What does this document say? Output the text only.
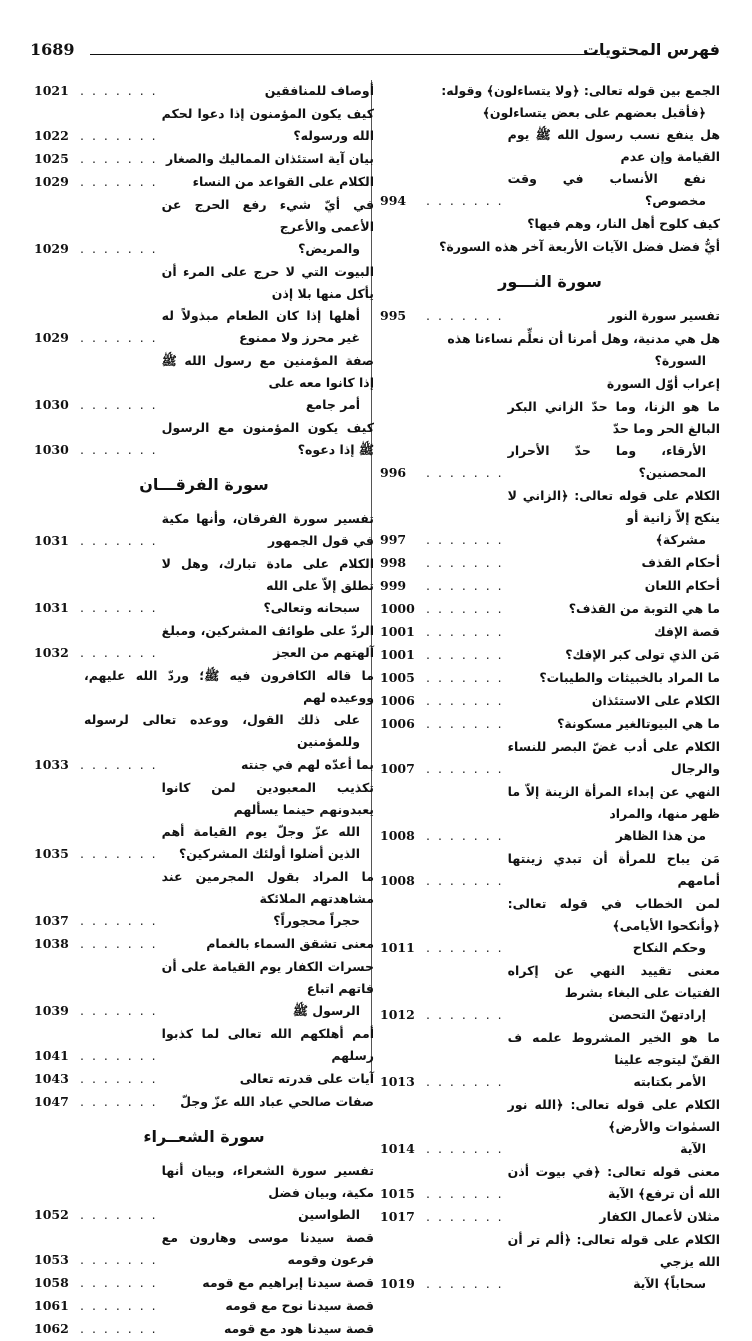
فهرس المحتويات
1689
الجمع بين قوله تعالى: ﴿ولا يتساءلون﴾ وقوله:
﴿فأقبل بعضهم على بعض يتساءلون﴾
هل ينفع نسب رسول الله ﷺ يوم القيامة وإن عدم
نفع الأنساب في وقت مخصوص؟
. . . . . . .
994
كيف كلوح أهل النار، وهم فيها؟
أيُّ فضل فضل الآيات الأربعة آخر هذه السورة؟
سورة النـــور
تفسير سورة النور
. . . . . . .
995
هل هي مدنية، وهل أمرنا أن نعلِّم نساءنا هذه
السورة؟
إعراب أوّل السورة
ما هو الزنا، وما حدّ الزاني البكر البالغ الحر وما حدّ
الأرقاء، وما حدّ الأحرار المحصنين؟
. . . . . . .
996
الكلام على قوله تعالى: ﴿الزاني لا ينكح إلاّ زانية أو
مشركة﴾
. . . . . . .
997
أحكام القذف
. . . . . . .
998
أحكام اللعان
. . . . . . .
999
ما هي التوبة من القذف؟
. . . . . . .
1000
قصة الإفك
. . . . . . .
1001
مَن الذي تولى كبر الإفك؟
. . . . . . .
1001
ما المراد بالخبيثات والطيبات؟
. . . . . . .
1005
الكلام على الاستئذان
. . . . . . .
1006
ما هي البيوتالغير مسكونة؟
. . . . . . .
1006
الكلام على أدب غضّ البصر للنساء والرجال
. . . . . . .
1007
النهي عن إبداء المرأة الزينة إلاّ ما ظهر منها، والمراد
من هذا الظاهر
. . . . . . .
1008
مَن يباح للمرأة أن تبدي زينتها أمامهم
. . . . . . .
1008
لمن الخطاب في قوله تعالى: ﴿وأنكحوا الأيامى﴾
وحكم النكاح
. . . . . . .
1011
معنى تقييد النهي عن إكراه الفتيات على البغاء بشرط
إرادتهنّ التحصن
. . . . . . .
1012
ما هو الخير المشروط علمه ف القنّ ليتوجه علينا
الأمر بكتابته
. . . . . . .
1013
الكلام على قوله تعالى: ﴿الله نور السمٰوات والأرض﴾
الآية
. . . . . . .
1014
معنى قوله تعالى: ﴿في بيوت أذن الله أن ترفع﴾ الآية
. . . . . . .
1015
مثلان لأعمال الكفار
. . . . . . .
1017
الكلام على قوله تعالى: ﴿ألم تر أن الله يزجي
سحاباً﴾ الآية
. . . . . . .
1019
أوصاف للمنافقين
. . . . . . .
1021
كيف يكون المؤمنون إذا دعوا لحكم الله ورسوله؟
. . . . . . .
1022
بيان آية استئذان المماليك والصغار
. . . . . . .
1025
الكلام على القواعد من النساء
. . . . . . .
1029
في أيّ شيء رفع الحرج عن الأعمى والأعرج
والمريض؟
. . . . . . .
1029
البيوت التي لا حرج على المرء أن يأكل منها بلا إذن
أهلها إذا كان الطعام مبذولاً له غير محرز ولا ممنوع
. . . . . . .
1029
صفة المؤمنين مع رسول الله ﷺ إذا كانوا معه على
أمر جامع
. . . . . . .
1030
كيف يكون المؤمنون مع الرسول ﷺ إذا دعوه؟
. . . . . . .
1030
سورة الفرقـــان
تفسير سورة الفرقان، وأنها مكية في قول الجمهور
. . . . . . .
1031
الكلام على مادة تبارك، وهل لا تطلق إلاّ على الله
سبحانه وتعالى؟
. . . . . . .
1031
الردّ على طوائف المشركين، ومبلغ آلهتهم من العجز
. . . . . . .
1032
ما قاله الكافرون فيه ﷺ؛ وردّ الله عليهم، ووعيده لهم
على ذلك القول، ووعده تعالى لرسوله وللمؤمنين
بما أعدّه لهم في جنته
. . . . . . .
1033
تكذيب المعبودين لمن كانوا يعبدونهم حينما يسألهم
الله عزّ وجلّ يوم القيامة أهم الذين أضلوا أولئك المشركين؟
. . . . . . .
1035
ما المراد بقول المجرمين عند مشاهدتهم الملائكة
حجراً محجوراً؟
. . . . . . .
1037
معنى تشقق السماء بالغمام
. . . . . . .
1038
حسرات الكفار يوم القيامة على أن فاتهم اتباع
الرسول ﷺ
. . . . . . .
1039
أمم أهلكهم الله تعالى لما كذبوا رسلهم
. . . . . . .
1041
آيات على قدرته تعالى
. . . . . . .
1043
صفات صالحي عباد الله عزّ وجلّ
. . . . . . .
1047
سورة الشعــراء
تفسير سورة الشعراء، وبيان أنها مكية، وبيان فضل
الطواسين
. . . . . . .
1052
قصة سيدنا موسى وهارون مع فرعون وقومه
. . . . . . .
1053
قصة سيدنا إبراهيم مع قومه
. . . . . . .
1058
قصة سيدنا نوح مع قومه
. . . . . . .
1061
قصة سيدنا هود مع قومه
. . . . . . .
1062
